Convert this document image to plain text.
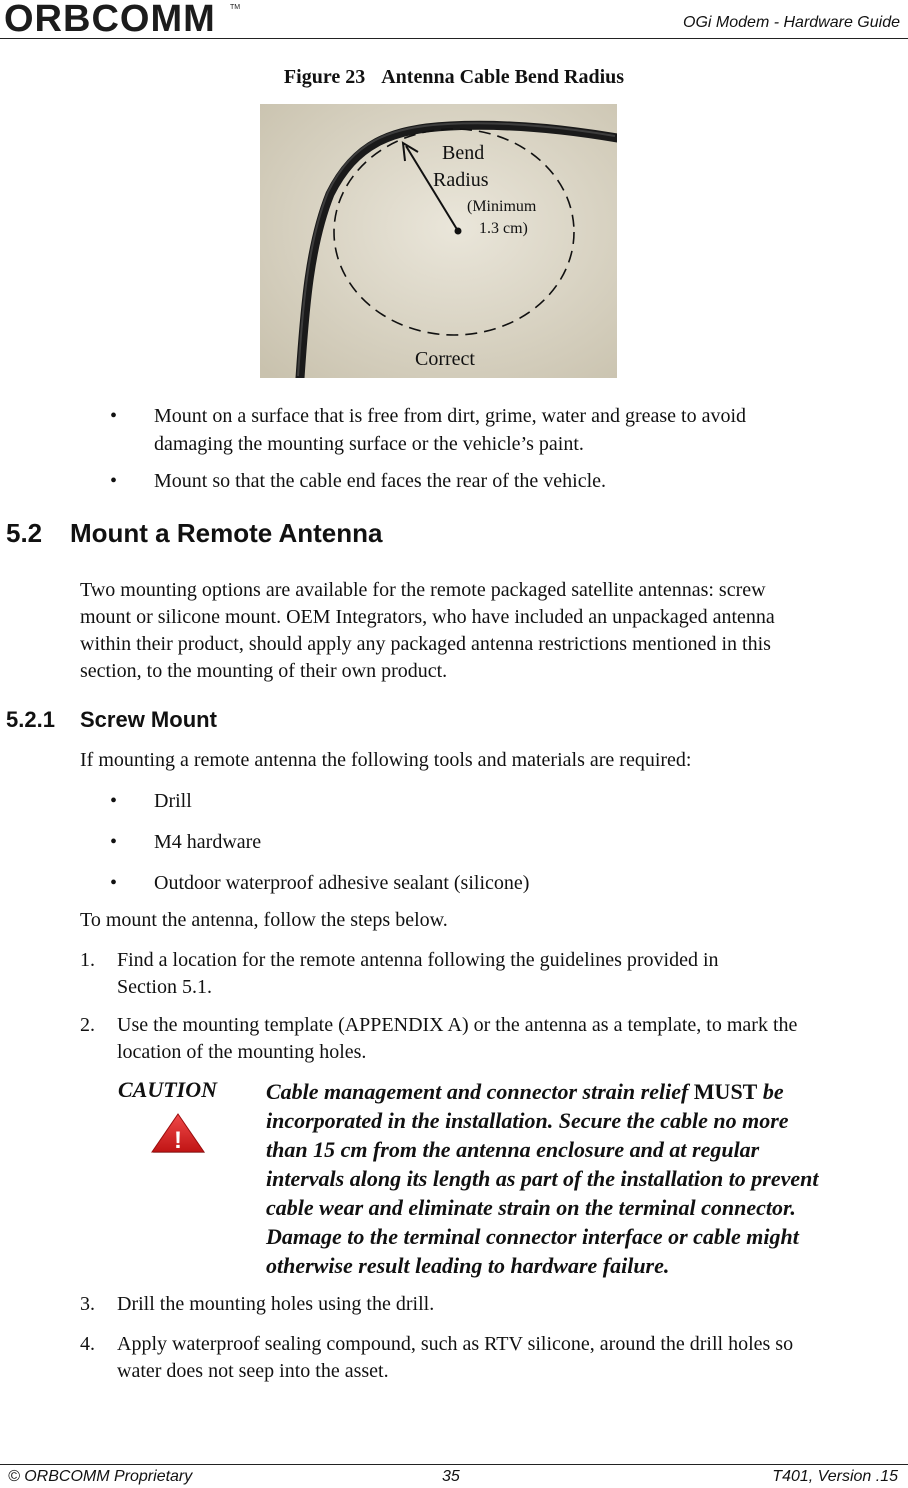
ORBCOMM TM
OGi Modem - Hardware Guide
Figure 23 Antenna Cable Bend Radius
Bend
Radius
(Minimum
1.3 cm)
Correct
• Mount on a surface that is free from dirt, grime, water and grease to avoid
damaging the mounting surface or the vehicle’s paint.
• Mount so that the cable end faces the rear of the vehicle.
5.2 Mount a Remote Antenna
Two mounting options are available for the remote packaged satellite antennas: screw
mount or silicone mount. OEM Integrators, who have included an unpackaged antenna
within their product, should apply any packaged antenna restrictions mentioned in this
section, to the mounting of their own product.
5.2.1 Screw Mount
If mounting a remote antenna the following tools and materials are required:
• Drill
• M4 hardware
• Outdoor waterproof adhesive sealant (silicone)
To mount the antenna, follow the steps below.
1. Find a location for the remote antenna following the guidelines provided in
Section 5.1.
2. Use the mounting template (APPENDIX A) or the antenna as a template, to mark the
location of the mounting holes.
CAUTION
!
Cable management and connector strain relief MUST be
incorporated in the installation. Secure the cable no more
than 15 cm from the antenna enclosure and at regular
intervals along its length as part of the installation to prevent
cable wear and eliminate strain on the terminal connector.
Damage to the terminal connector interface or cable might
otherwise result leading to hardware failure.
3. Drill the mounting holes using the drill.
4. Apply waterproof sealing compound, such as RTV silicone, around the drill holes so
water does not seep into the asset.
© ORBCOMM Proprietary	35	T401, Version .15
